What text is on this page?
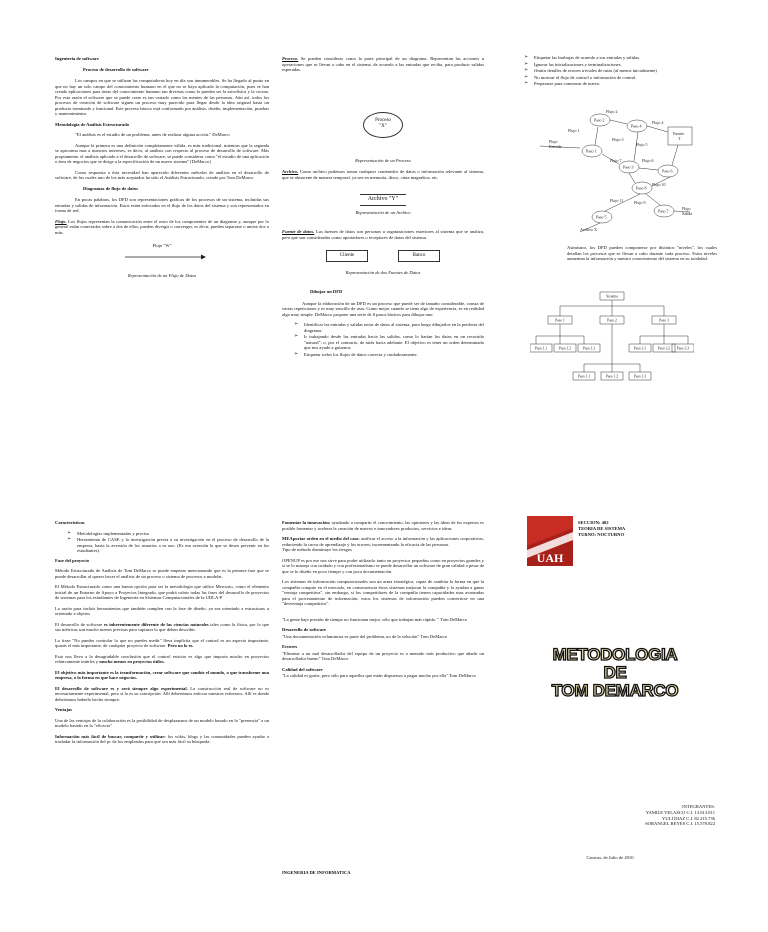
Ingeniería de software
Proceso de desarrollo de software

Los campos en que se utilizan las computadoras hoy en día son innumerables. Se ha llegado al punto en que no hay un solo campo del conocimiento humano en el que no se haya aplicado la computación, pues se han creado aplicaciones para áreas del conocimiento humano tan diversas como lo pueden ser la astrofísica y la cocina. Por esta razón el software que se puede crear es tan variado como las mentes de las personas. Aún así, todos los procesos de creación de software siguen un proceso muy parecido para llegar desde la idea original hasta un producto terminado y funcional. Este proceso básico está conformado por análisis, diseño, implementación, pruebas y mantenimiento.

Metodología de Análisis Estructurado

"El análisis es el estudio de un problema, antes de realizar alguna acción." DeMarco

Aunque la primera es una definición completamente válida, es más tradicional, mientras que la segunda se aproxima mas a nuestros intereses, es decir, al análisis con respecto al proceso de desarrollo de software. Más propiamente, el análisis aplicado a el desarrollo de software, se puede considerar como "el estudio de una aplicación o área de negocios que se dirige a la especificación de un nuevo sistema" [DeMarco].

Como respuesta a ésta necesidad han aparecido diferentes métodos de análisis en el desarrollo de software, de los cuales uno de los más aceptados ha sido el Análisis Estructurado, creado por Tom DeMarco

Diagramas de flujo de datos

En pocas palabras, los DFD son representaciones gráficas de los procesos de un sistema, incluidas sus entradas y salidas de información. Estos están enfocados en el flujo de los datos del sistema y son representados en forma de red.

Flujo. Los flujos representan la comunicación entre el resto de los componentes de un diagrama y, aunque por lo general están conectados sobre a dos de ellos, pueden divergir o converger, es decir, pueden separarse o unirse dos o más.

Flujo "W"
Representación de un Flujo de Datos

Proceso. Se pueden considerar como la parte principal de un diagrama. Representan las acciones u operaciones que se llevan a cabo en el sistema, de acuerdo a las entradas que reciba, para producir salidas esperadas.

Proceso
"X"
Representación de un Proceso

Archivo. Como archivo podemos tomar cualquier contenedor de datos o información relevante al sistema, que se almacene de manera temporal, ya sea en memoria, disco, cinta magnética, etc.

Archivo "Y"
Representación de un Archivo

Fuente de datos. Las fuentes de datos son personas u organizaciones exteriores al sistema que se analiza, pero que son consideradas como aportadores o receptores de datos del sistema.

Cliente	Banco
Representación de dos Fuentes de Datos
Dibujar un DFD

Aunque la elaboración de un DFD es un proceso que puede ser de tamaño considerable, consta de varias repeticiones y es muy sencillo de usar. Como mejor cuando se tiene algo de experiencia, es en realidad algo muy simple. DeMarco propone una serie de 8 pasos básicos para dibujar uno:

➢ Identificar las entradas y salidas netas de datos al sistema; para luego dibujarlos en la periferia del diagrama.
➢ Ir trabajando desde las entradas hacia las salidas, como lo harían los datos en un recorrido "natural"; o, por el contrario, de atrás hacia adelante. El objetivo es tener un orden determinado que nos ayude a guiarnos.
➢ Etiquetar todos los flujos de datos correcta y cuidadosamente.
➢ Etiquetar las burbujas de acuerdo a sus entradas y salidas.
➢ Ignorar las inicializaciones y terminalizaciones.
➢ Omitir detalles de errores triviales de rutas (al menos inicialmente)
➢ No mostrar el flujo de control o información de control.
➢ Prepararse para comenzar de nuevo.
Flujo
Entrada
Paso 1
Paso 2
Paso 4
Paso 3
Paso 6
Paso 5
Paso 8
Paso 7
Fuente
T
Flujo
Salida
Archivo X
Flujo 1
Flujo 2
Flujo 3
Flujo 4
Flujo 5
Flujo 6
Flujo 7
Flujo 9
Flujo 10
Flujo 11
Asimismo, los DFD pueden componerse por distintos "niveles", los cuales detallan los procesos que se llevan a cabo durante cada proceso. Estos niveles aumentan la información y nuestro conocimiento del sistema en su totalidad.
Sistema
Paso 1	Paso 2	Paso 3
Paso 1.1	Paso 1.2	Paso 1.3	Paso 3.1	Paso 3.2 Paso 3.3
Paso 1.1	Paso 1.2	Paso 1.3
Características
➢ Metodologías implementadas y precisa
➢ Herramienta de CASE y la investigación previa a su investigación en el proceso de desarrollo de la empresa, hasta la aversión de los usuarios a su uso. (Es esa aversión la que se desea prevenir en los estudiantes).
Fase del proyecto

Método Estructurado de Análisis de Tom DeMarco se puede empezar mencionando que es la primera fase que se puede desarrollar al querer hacer el análisis de un proceso o sistema de procesos a modelar.

El Método Estructurado como una buena opción para ser la metodología que utilice Mercurio, como el elemento inicial de un Entorno de Apoyo a Proyectos Integrado, que podrá cubrir todas las fases del desarrollo de proyectos de sistemas para los estudiantes de Ingeniería en Sistemas Computacionales de la UDLA-P

La razón para incluir herramientas que también cumplen con la fase de diseño, ya sea orientado a estructuras u orientado a objetos

El desarrollo de software es inherentemente diferente de las ciencias naturales tales como la física, por lo que sus métricas son mucho menos precisas para capturar lo que deben describir.

La frase "No puedes controlar lo que no puedes medir" lleva implícita que el control es un aspecto importante, quizás el más importante, de cualquier proyecto de software. Pero no lo es.

Esto nos lleva a la desagradable conclusión que el control estricto es algo que importa mucho en proyectos relativamente inútiles y mucho menos en proyectos útiles.

El objetivo más importante es la transformación, crear software que cambie el mundo, o que transforme una empresa, o la forma en que hace negocios.

El desarrollo de software es y será siempre algo experimental. La construcción real de software no es necesariamente experimental, pero sí lo es su concepción. Allí deberíamos enfocar nuestros esfuerzos. Allí es donde deberíamos haberlo hecho siempre.

Ventajas

Una de las ventajas de la colaboración es la posibilidad de desplazarnos de un modelo basado en la "presencia" a un modelo basado en la "eficacia"

Información más fácil de buscar, compartir y utilizar: los wikis, blogs y las comunidades pueden ayudar a trasladar la información del pc de los empleados para que sea más fácil su búsqueda.

Fomentar la innovación: ayudando a compartir el conocimiento, las opiniones y las ideas de los expertos es posible fomentar y acelerar la creación de nuevos e innovadores productos, servicios e ideas.

MEAportar orden en el medio del caos: unificar el acceso a la información y las aplicaciones corporativas, reduciendo la curva de aprendizaje y los errores, incrementando la eficacia de las personas.
Tipo de método disminuye los riesgos

OPENUP es por ese nos sirve para poder utilizarlo tanto en proyectos pequeños como en proyectos grandes y si se lo maneja con cuidado y con profesionalismo se puede desarrollar un software de gran calidad a pesar de que se lo diseño en poco tiempo y con poca documentación.

Los sistemas de información computacionales son un arma estratégica, capaz de cambiar la forma en que la compañía compite en el mercado, en consecuencia éstos sistemas mejoran la compañía y la ayudan a ganar "ventaja competitiva", sin embargo, si los competidores de la compañía tienen capacidades mas avanzadas para el procesamiento de información, estos los sistemas de información pueden convertirse en una "desventaja competitiva".

"La gente bajo presión de tiempo no funcionan mejor, sólo que trabajan más rápido. " Tom DeMarco

Desarrollo de software

"Una documentación voluminosa es parte del problema, no de la solución" Tom DeMarco

Errores

"Eliminar a un mal desarrollador del equipo de un proyecto es a menudo más productivo que añadir un desarrollador bueno" Tom DeMarco

Calidad del software

"La calidad es gratis, pero sólo para aquellos que están dispuestos a pagar mucho por ella" Tom DeMarco

INGENERIA DE INFORMATICA
UAH
SECCION: 402
TEORIA DE SISTEMA
TURNO: NOCTURNO
METODOLOGIA
DE
TOM DEMARCO
INTEGRANTES:
YAMILE VELASCO C.I. 13.613.811
YULI DIAZ C.I. 82.215.736
SORANGEL REYES C.I. 15.578.822
Caracas, de Julio de 2010
